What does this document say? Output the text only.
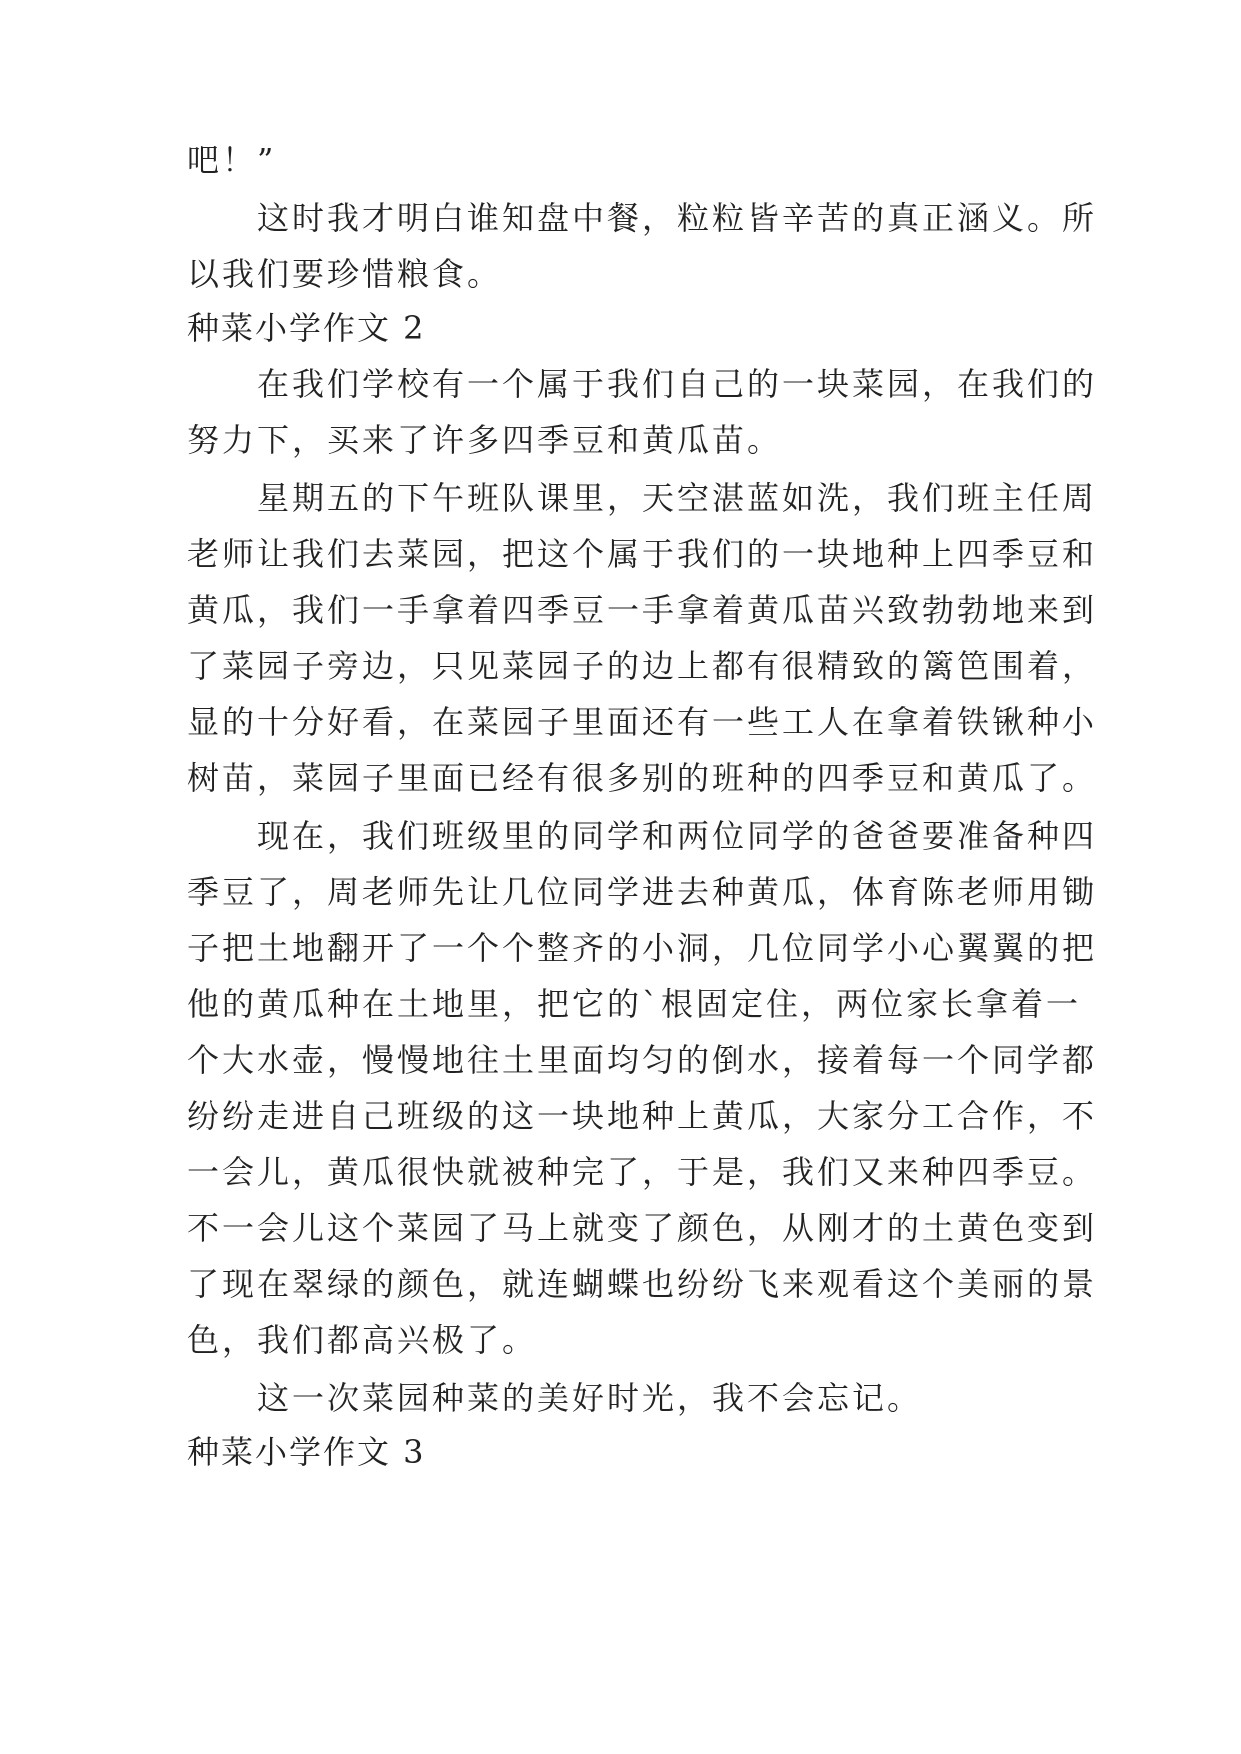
吧！”
　　这时我才明白谁知盘中餐，粒粒皆辛苦的真正涵义。所
以我们要珍惜粮食。
种菜小学作文 2
　　在我们学校有一个属于我们自己的一块菜园，在我们的
努力下，买来了许多四季豆和黄瓜苗。
　　星期五的下午班队课里，天空湛蓝如洗，我们班主任周
老师让我们去菜园，把这个属于我们的一块地种上四季豆和
黄瓜，我们一手拿着四季豆一手拿着黄瓜苗兴致勃勃地来到
了菜园子旁边，只见菜园子的边上都有很精致的篱笆围着，
显的十分好看，在菜园子里面还有一些工人在拿着铁锹种小
树苗，菜园子里面已经有很多别的班种的四季豆和黄瓜了。
　　现在，我们班级里的同学和两位同学的爸爸要准备种四
季豆了，周老师先让几位同学进去种黄瓜，体育陈老师用锄
子把土地翻开了一个个整齐的小洞，几位同学小心翼翼的把
他的黄瓜种在土地里，把它的`根固定住，两位家长拿着一
个大水壶，慢慢地往土里面均匀的倒水，接着每一个同学都
纷纷走进自己班级的这一块地种上黄瓜，大家分工合作，不
一会儿，黄瓜很快就被种完了，于是，我们又来种四季豆。
不一会儿这个菜园了马上就变了颜色，从刚才的土黄色变到
了现在翠绿的颜色，就连蝴蝶也纷纷飞来观看这个美丽的景
色，我们都高兴极了。
　　这一次菜园种菜的美好时光，我不会忘记。
种菜小学作文 3
